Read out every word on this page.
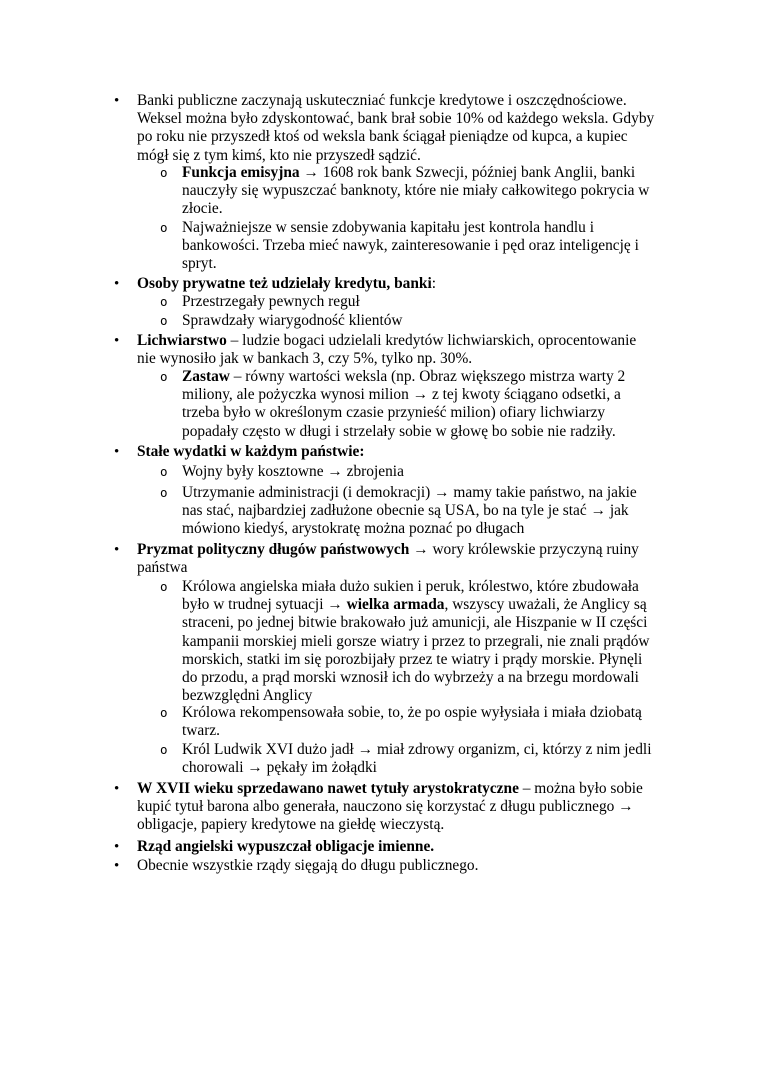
• Banki publiczne zaczynają uskuteczniać funkcje kredytowe i oszczędnościowe. Weksel można było zdyskontować, bank brał sobie 10% od każdego weksla. Gdyby po roku nie przyszedł ktoś od weksla bank ściągał pieniądze od kupca, a kupiec mógł się z tym kimś, kto nie przyszedł sądzić.

o Funkcja emisyjna → 1608 rok bank Szwecji, później bank Anglii, banki nauczyły się wypuszczać banknoty, które nie miały całkowitego pokrycia w złocie.

o Najważniejsze w sensie zdobywania kapitału jest kontrola handlu i bankowości. Trzeba mieć nawyk, zainteresowanie i pęd oraz inteligencję i spryt.

• Osoby prywatne też udzielały kredytu, banki:

o Przestrzegały pewnych reguł

o Sprawdzały wiarygodność klientów

• Lichwiarstwo – ludzie bogaci udzielali kredytów lichwiarskich, oprocentowanie nie wynosiło jak w bankach 3, czy 5%, tylko np. 30%.

o Zastaw – równy wartości weksla (np. Obraz większego mistrza warty 2 miliony, ale pożyczka wynosi milion → z tej kwoty ściągano odsetki, a trzeba było w określonym czasie przynieść milion) ofiary lichwiarzy popadały często w długi i strzelały sobie w głowę bo sobie nie radziły.

• Stałe wydatki w każdym państwie:

o Wojny były kosztowne → zbrojenia

o Utrzymanie administracji (i demokracji) → mamy takie państwo, na jakie nas stać, najbardziej zadłużone obecnie są USA, bo na tyle je stać → jak mówiono kiedyś, arystokratę można poznać po długach

• Pryzmat polityczny długów państwowych → wory królewskie przyczyną ruiny państwa

o Królowa angielska miała dużo sukien i peruk, królestwo, które zbudowała było w trudnej sytuacji → wielka armada, wszyscy uważali, że Anglicy są straceni, po jednej bitwie brakowało już amunicji, ale Hiszpanie w II części kampanii morskiej mieli gorsze wiatry i przez to przegrali, nie znali prądów morskich, statki im się porozbijały przez te wiatry i prądy morskie. Płynęli do przodu, a prąd morski wznosił ich do wybrzeży a na brzegu mordowali bezwzględni Anglicy

o Królowa rekompensowała sobie, to, że po ospie wyłysiała i miała dziobatą twarz.

o Król Ludwik XVI dużo jadł → miał zdrowy organizm, ci, którzy z nim jedli chorowali → pękały im żołądki

• W XVII wieku sprzedawano nawet tytuły arystokratyczne – można było sobie kupić tytuł barona albo generała, nauczono się korzystać z długu publicznego → obligacje, papiery kredytowe na giełdę wieczystą.

• Rząd angielski wypuszczał obligacje imienne.

• Obecnie wszystkie rządy sięgają do długu publicznego.
